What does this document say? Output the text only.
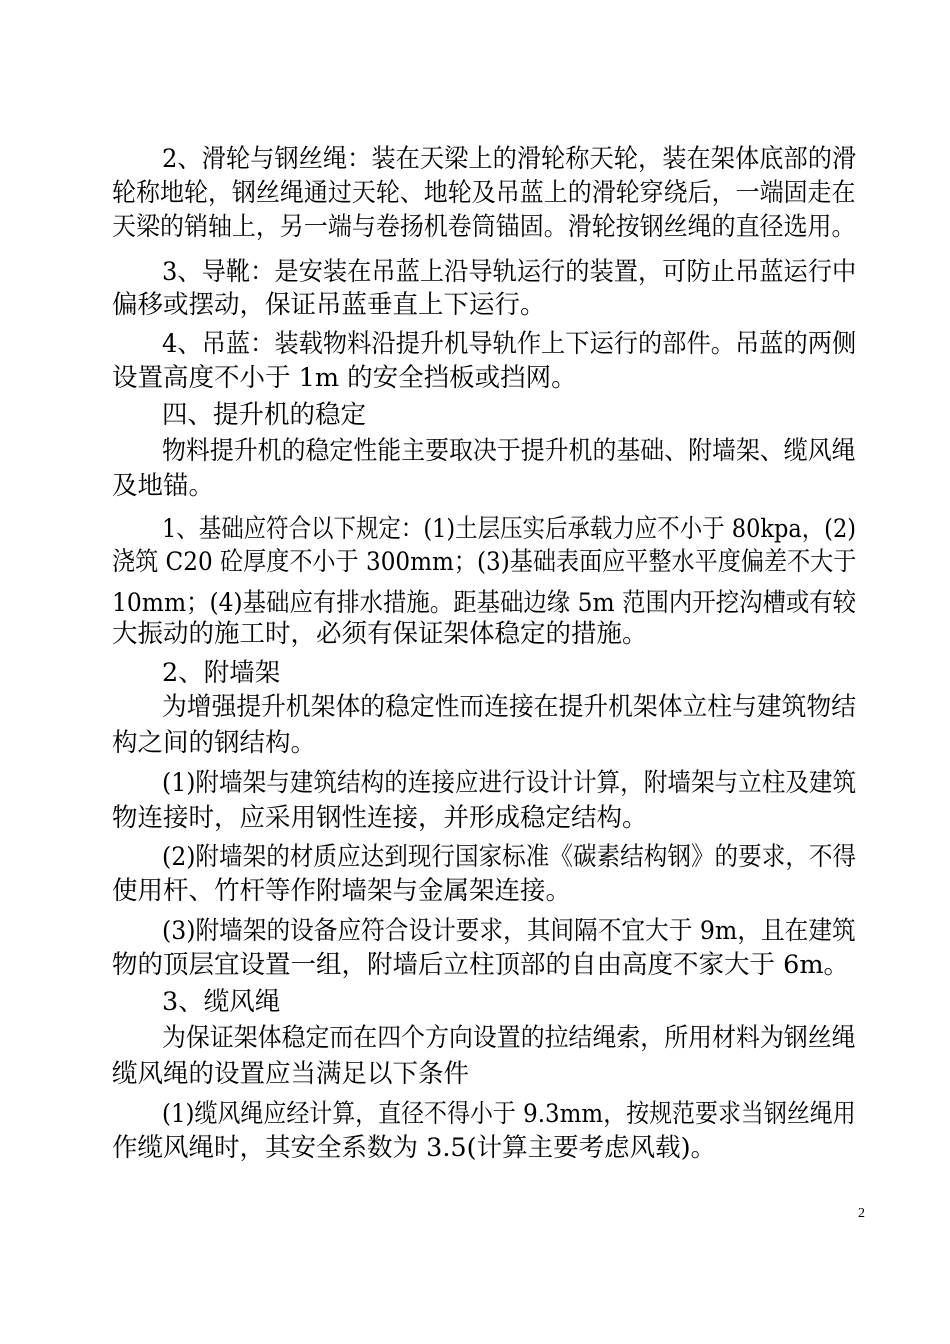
2、滑轮与钢丝绳：装在天梁上的滑轮称天轮，装在架体底部的滑
轮称地轮，钢丝绳通过天轮、地轮及吊蓝上的滑轮穿绕后，一端固走在
天梁的销轴上，另一端与卷扬机卷筒锚固。滑轮按钢丝绳的直径选用。
3、导靴：是安装在吊蓝上沿导轨运行的装置，可防止吊蓝运行中
偏移或摆动，保证吊蓝垂直上下运行。
4、吊蓝：装载物料沿提升机导轨作上下运行的部件。吊蓝的两侧
设置高度不小于 1m 的安全挡板或挡网。
四、提升机的稳定
物料提升机的稳定性能主要取决于提升机的基础、附墙架、缆风绳
及地锚。
1、基础应符合以下规定：(1)土层压实后承载力应不小于 80kpa，(2)
浇筑 C20 砼厚度不小于 300mm；(3)基础表面应平整水平度偏差不大于
10mm；(4)基础应有排水措施。距基础边缘 5m 范围内开挖沟槽或有较
大振动的施工时，必须有保证架体稳定的措施。
2、附墙架
为增强提升机架体的稳定性而连接在提升机架体立柱与建筑物结
构之间的钢结构。
(1)附墙架与建筑结构的连接应进行设计计算，附墙架与立柱及建筑
物连接时，应采用钢性连接，并形成稳定结构。
(2)附墙架的材质应达到现行国家标准《碳素结构钢》的要求，不得
使用杆、竹杆等作附墙架与金属架连接。
(3)附墙架的设备应符合设计要求，其间隔不宜大于 9m，且在建筑
物的顶层宜设置一组，附墙后立柱顶部的自由高度不家大于 6m。
3、缆风绳
为保证架体稳定而在四个方向设置的拉结绳索，所用材料为钢丝绳
缆风绳的设置应当满足以下条件
(1)缆风绳应经计算，直径不得小于 9.3mm，按规范要求当钢丝绳用
作缆风绳时，其安全系数为 3.5(计算主要考虑风载)。
2
